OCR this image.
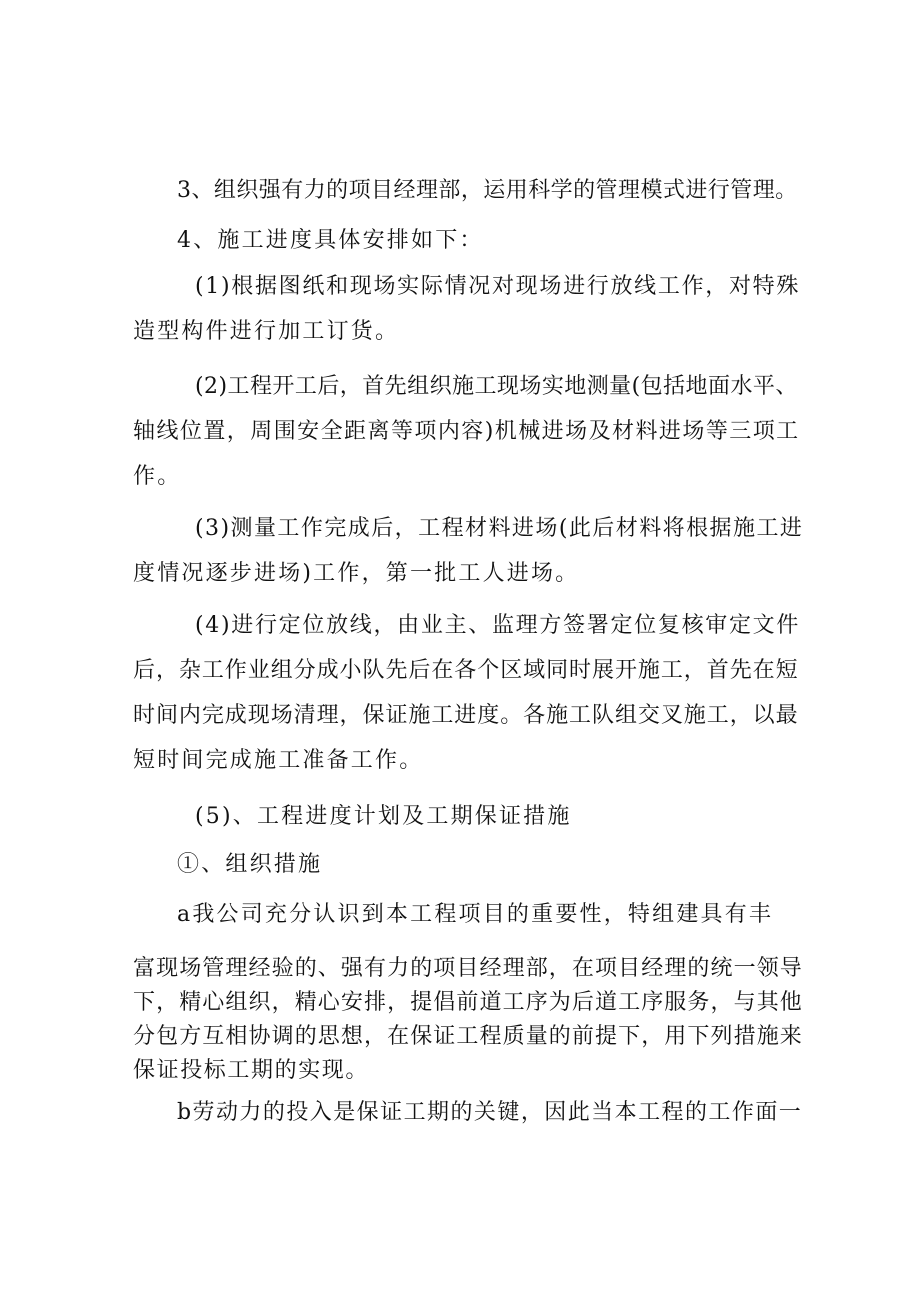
3、组织强有力的项目经理部，运用科学的管理模式进行管理。

4、施工进度具体安排如下：

(1)根据图纸和现场实际情况对现场进行放线工作，对特殊
造型构件进行加工订货。

(2)工程开工后，首先组织施工现场实地测量(包括地面水平、
轴线位置，周围安全距离等项内容)机械进场及材料进场等三项工
作。

(3)测量工作完成后，工程材料进场(此后材料将根据施工进
度情况逐步进场)工作，第一批工人进场。

(4)进行定位放线，由业主、监理方签署定位复核审定文件
后，杂工作业组分成小队先后在各个区域同时展开施工，首先在短
时间内完成现场清理，保证施工进度。各施工队组交叉施工，以最
短时间完成施工准备工作。

(5)、工程进度计划及工期保证措施

①、组织措施

a我公司充分认识到本工程项目的重要性，特组建具有丰

富现场管理经验的、强有力的项目经理部，在项目经理的统一领导
下，精心组织，精心安排，提倡前道工序为后道工序服务，与其他
分包方互相协调的思想，在保证工程质量的前提下，用下列措施来
保证投标工期的实现。

b劳动力的投入是保证工期的关键，因此当本工程的工作面一
